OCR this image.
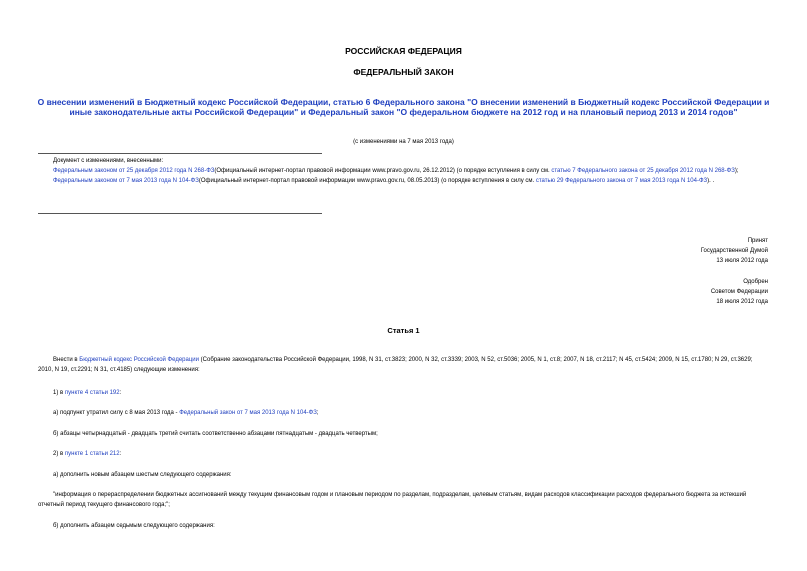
РОССИЙСКАЯ ФЕДЕРАЦИЯ
ФЕДЕРАЛЬНЫЙ ЗАКОН
О внесении изменений в Бюджетный кодекс Российской Федерации, статью 6 Федерального закона "О внесении изменений в Бюджетный кодекс Российской Федерации и иные законодательные акты Российской Федерации" и Федеральный закон "О федеральном бюджете на 2012 год и на плановый период 2013 и 2014 годов"
(с изменениями на 7 мая 2013 года)

Документ с изменениями, внесенными:

Федеральным законом от 25 декабря 2012 года N 268-ФЗ(Официальный интернет-портал правовой информации www.pravo.gov.ru, 26.12.2012) (о порядке вступления в силу см. статью 7 Федерального закона от 25 декабря 2012 года N 268-ФЗ);

Федеральным законом от 7 мая 2013 года N 104-ФЗ(Официальный интернет-портал правовой информации www.pravo.gov.ru, 08.05.2013) (о порядке вступления в силу см. статью 29 Федерального закона от 7 мая 2013 года N 104-ФЗ). .

Принят
Государственной Думой
13 июля 2012 года
Одобрен
Советом Федерации
18 июля 2012 года
Статья 1

Внести в Бюджетный кодекс Российской Федерации (Собрание законодательства Российской Федерации, 1998, N 31, ст.3823; 2000, N 32, ст.3339; 2003, N 52, ст.5036; 2005, N 1, ст.8; 2007, N 18, ст.2117; N 45, ст.5424; 2009, N 15, ст.1780; N 29, ст.3629; 2010, N 19, ст.2291; N 31, ст.4185) следующие изменения:

1) в пункте 4 статьи 192:

а) подпункт утратил силу с 8 мая 2013 года - Федеральный закон от 7 мая 2013 года N 104-ФЗ;

б) абзацы четырнадцатый - двадцать третий считать соответственно абзацами пятнадцатым - двадцать четвертым;

2) в пункте 1 статьи 212:

а) дополнить новым абзацем шестым следующего содержания:

"информация о перераспределении бюджетных ассигнований между текущим финансовым годом и плановым периодом по разделам, подразделам, целевым статьям, видам расходов классификации расходов федерального бюджета за истекший отчетный период текущего финансового года;";

б) дополнить абзацем седьмым следующего содержания:
